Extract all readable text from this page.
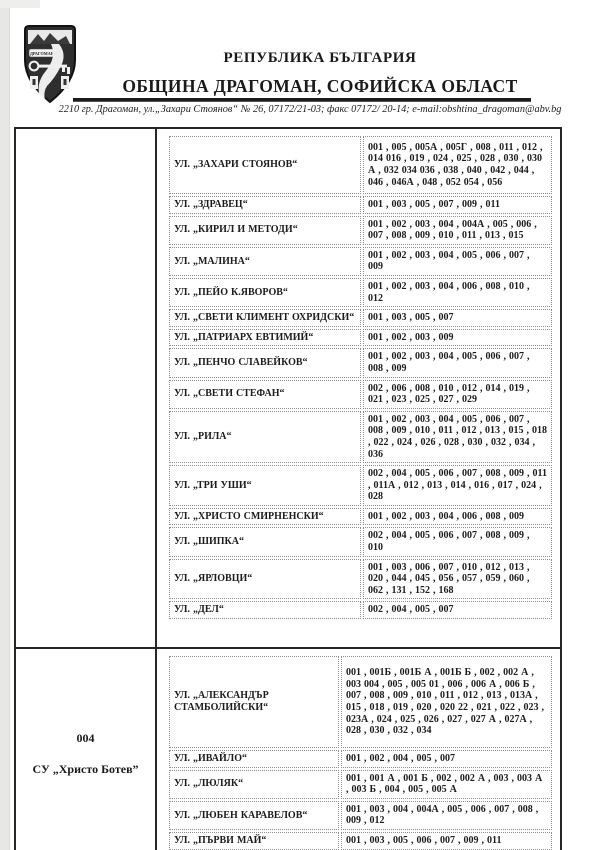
ДРАГОМАН	РЕПУБЛИКА БЪЛГАРИЯ
ОБЩИНА ДРАГОМАН, СОФИЙСКА ОБЛАСТ
2210 гр. Драгоман, ул.„Захари Стоянов“ № 26, 07172/21-03; факс 07172/ 20-14; e-mail:obshtina_dragoman@abv.bg
УЛ. „ЗАХАРИ СТОЯНОВ“	001 , 005 , 005А , 005Г , 008 , 011 , 012 , 014 016 , 019 , 024 , 025 , 028 , 030 , 030 А , 032 034 036 , 038 , 040 , 042 , 044 , 046 , 046А , 048 , 052 054 , 056
УЛ. „ЗДРАВЕЦ“	001 , 003 , 005 , 007 , 009 , 011
УЛ. „КИРИЛ И МЕТОДИ“	001 , 002 , 003 , 004 , 004А , 005 , 006 , 007 , 008 , 009 , 010 , 011 , 013 , 015
УЛ. „МАЛИНА“	001 , 002 , 003 , 004 , 005 , 006 , 007 , 009
УЛ. „ПЕЙО К.ЯВОРОВ“	001 , 002 , 003 , 004 , 006 , 008 , 010 , 012
УЛ. „СВЕТИ КЛИМЕНТ ОХРИДСКИ“	001 , 003 , 005 , 007
УЛ. „ПАТРИАРХ ЕВТИМИЙ“	001 , 002 , 003 , 009
УЛ. „ПЕНЧО СЛАВЕЙКОВ“	001 , 002 , 003 , 004 , 005 , 006 , 007 , 008 , 009
УЛ. „СВЕТИ СТЕФАН“	002 , 006 , 008 , 010 , 012 , 014 , 019 , 021 , 023 , 025 , 027 , 029
УЛ. „РИЛА“	001 , 002 , 003 , 004 , 005 , 006 , 007 , 008 , 009 , 010 , 011 , 012 , 013 , 015 , 018 , 022 , 024 , 026 , 028 , 030 , 032 , 034 , 036
УЛ. „ТРИ УШИ“	002 , 004 , 005 , 006 , 007 , 008 , 009 , 011 , 011А , 012 , 013 , 014 , 016 , 017 , 024 , 028
УЛ. „ХРИСТО СМИРНЕНСКИ“	001 , 002 , 003 , 004 , 006 , 008 , 009
УЛ. „ШИПКА“	002 , 004 , 005 , 006 , 007 , 008 , 009 , 010
УЛ. „ЯРЛОВЦИ“	001 , 003 , 006 , 007 , 010 , 012 , 013 , 020 , 044 , 045 , 056 , 057 , 059 , 060 , 062 , 131 , 152 , 168
УЛ. „ДЕЛ“	002 , 004 , 005 , 007
004
СУ „Христо Ботев”
УЛ. „АЛЕКСАНДЪР СТАМБОЛИЙСКИ“	001 , 001Б , 001Б А , 001Б Б , 002 , 002 А , 003 004 , 005 , 005 01 , 006 , 006 А , 006 Б , 007 , 008 , 009 , 010 , 011 , 012 , 013 , 013А , 015 , 018 , 019 , 020 , 020 22 , 021 , 022 , 023 , 023А , 024 , 025 , 026 , 027 , 027 А , 027А , 028 , 030 , 032 , 034
УЛ. „ИВАЙЛО“	001 , 002 , 004 , 005 , 007
УЛ. „ЛЮЛЯК“	001 , 001 А , 001 Б , 002 , 002 А , 003 , 003 А , 003 Б , 004 , 005 , 005 А
УЛ. „ЛЮБЕН КАРАВЕЛОВ“	001 , 003 , 004 , 004А , 005 , 006 , 007 , 008 , 009 , 012
УЛ. „ПЪРВИ МАЙ“	001 , 003 , 005 , 006 , 007 , 009 , 011
